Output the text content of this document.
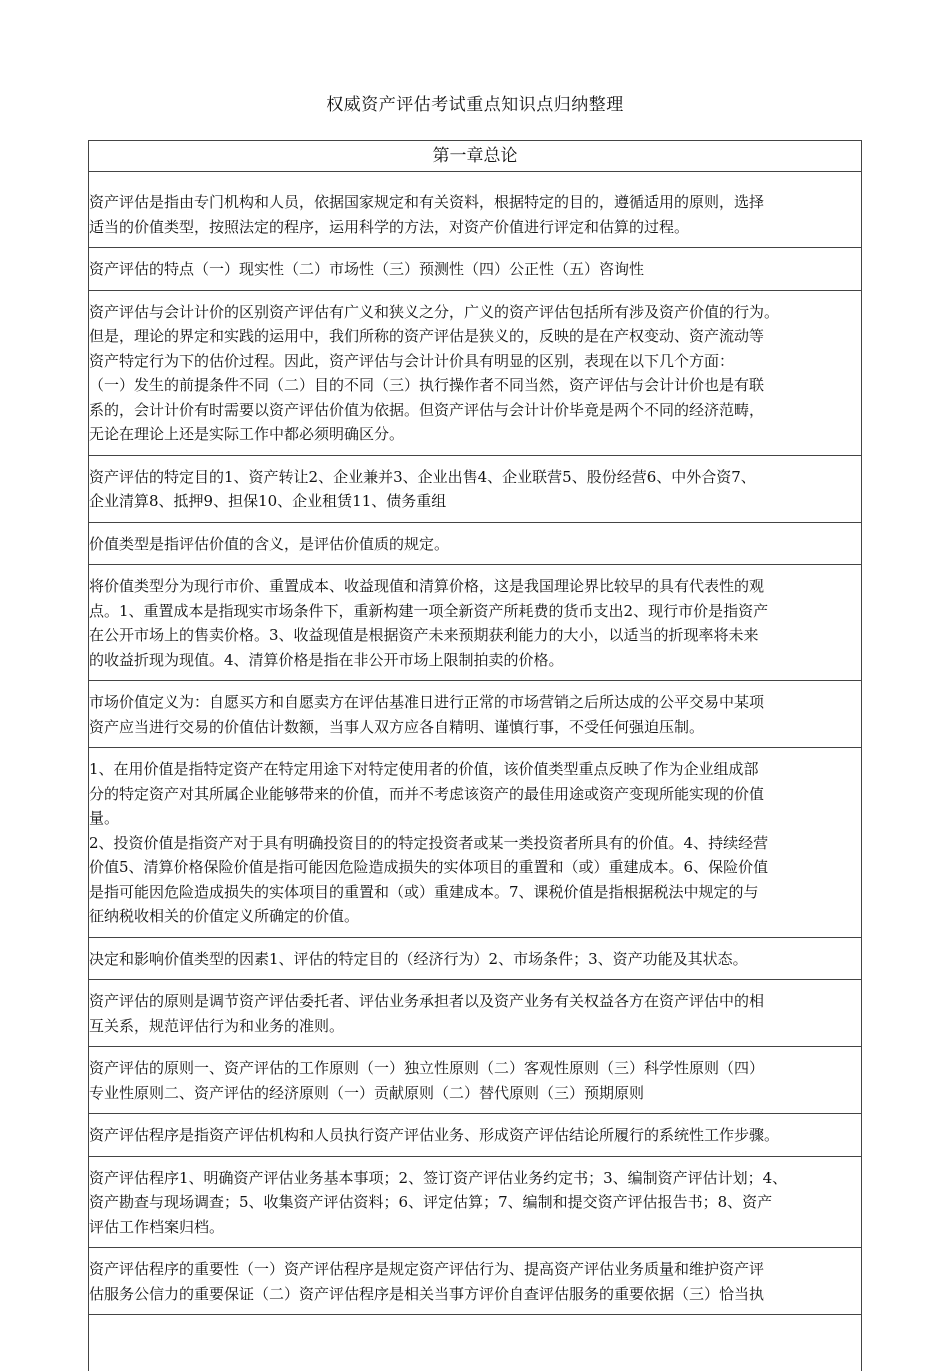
权威资产评估考试重点知识点归纳整理
第一章总论
资产评估是指由专门机构和人员，依据国家规定和有关资料，根据特定的目的，遵循适用的原则，选择
适当的价值类型，按照法定的程序，运用科学的方法，对资产价值进行评定和估算的过程。
资产评估的特点（一）现实性（二）市场性（三）预测性（四）公正性（五）咨询性
资产评估与会计计价的区别资产评估有广义和狭义之分，广义的资产评估包括所有涉及资产价值的行为。
但是，理论的界定和实践的运用中，我们所称的资产评估是狭义的，反映的是在产权变动、资产流动等
资产特定行为下的估价过程。因此，资产评估与会计计价具有明显的区别，表现在以下几个方面：
（一）发生的前提条件不同（二）目的不同（三）执行操作者不同当然，资产评估与会计计价也是有联
系的，会计计价有时需要以资产评估价值为依据。但资产评估与会计计价毕竟是两个不同的经济范畴，
无论在理论上还是实际工作中都必须明确区分。
资产评估的特定目的1、资产转让2、企业兼并3、企业出售4、企业联营5、股份经营6、中外合资7、
企业清算8、抵押9、担保10、企业租赁11、债务重组
价值类型是指评估价值的含义，是评估价值质的规定。
将价值类型分为现行市价、重置成本、收益现值和清算价格，这是我国理论界比较早的具有代表性的观
点。1、重置成本是指现实市场条件下，重新构建一项全新资产所耗费的货币支出2、现行市价是指资产
在公开市场上的售卖价格。3、收益现值是根据资产未来预期获利能力的大小，以适当的折现率将未来
的收益折现为现值。4、清算价格是指在非公开市场上限制拍卖的价格。
市场价值定义为：自愿买方和自愿卖方在评估基准日进行正常的市场营销之后所达成的公平交易中某项
资产应当进行交易的价值估计数额，当事人双方应各自精明、谨慎行事，不受任何强迫压制。
1、在用价值是指特定资产在特定用途下对特定使用者的价值，该价值类型重点反映了作为企业组成部
分的特定资产对其所属企业能够带来的价值，而并不考虑该资产的最佳用途或资产变现所能实现的价值
量。
2、投资价值是指资产对于具有明确投资目的的特定投资者或某一类投资者所具有的价值。4、持续经营
价值5、清算价格保险价值是指可能因危险造成损失的实体项目的重置和（或）重建成本。6、保险价值
是指可能因危险造成损失的实体项目的重置和（或）重建成本。7、课税价值是指根据税法中规定的与
征纳税收相关的价值定义所确定的价值。
决定和影响价值类型的因素1、评估的特定目的（经济行为）2、市场条件；3、资产功能及其状态。
资产评估的原则是调节资产评估委托者、评估业务承担者以及资产业务有关权益各方在资产评估中的相
互关系，规范评估行为和业务的准则。
资产评估的原则一、资产评估的工作原则（一）独立性原则（二）客观性原则（三）科学性原则（四）
专业性原则二、资产评估的经济原则（一）贡献原则（二）替代原则（三）预期原则
资产评估程序是指资产评估机构和人员执行资产评估业务、形成资产评估结论所履行的系统性工作步骤。
资产评估程序1、明确资产评估业务基本事项；2、签订资产评估业务约定书；3、编制资产评估计划；4、
资产勘查与现场调查；5、收集资产评估资料；6、评定估算；7、编制和提交资产评估报告书；8、资产
评估工作档案归档。
资产评估程序的重要性（一）资产评估程序是规定资产评估行为、提高资产评估业务质量和维护资产评
估服务公信力的重要保证（二）资产评估程序是相关当事方评价自查评估服务的重要依据（三）恰当执
